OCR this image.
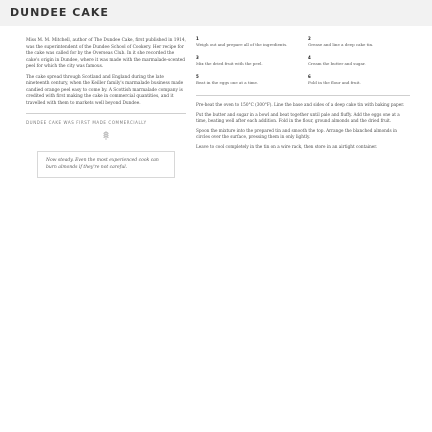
DUNDEE CAKE

Miss M. M. Mitchell, author of The Dundee Cake, first published in 1914, was the superintendent of the Dundee School of Cookery. Her recipe for the cake was called for by the Overseas Club. In it she recorded the cake's origin in Dundee, where it was made with the marmalade-scented peel for which the city was famous.

The cake spread through Scotland and England during the late nineteenth century, when the Keiller family's marmalade business made candied orange peel easy to come by. A Scottish marmalade company is credited with first making the cake in commercial quantities, and it travelled with them to markets well beyond Dundee.

DUNDEE CAKE WAS FIRST MADE COMMERCIALLY

Now steady. Even the most experienced cook can burn almonds if they're not careful.
1
Weigh out and prepare all of the ingredients.
2
Grease and line a deep cake tin.
3
Mix the dried fruit with the peel.
4
Cream the butter and sugar.
5
Beat in the eggs one at a time.
6
Fold in the flour and fruit.

Pre-heat the oven to 150°C (300°F). Line the base and sides of a deep cake tin with baking paper.

Put the butter and sugar in a bowl and beat together until pale and fluffy. Add the eggs one at a time, beating well after each addition. Fold in the flour, ground almonds and the dried fruit.

Spoon the mixture into the prepared tin and smooth the top. Arrange the blanched almonds in circles over the surface, pressing them in only lightly.

Leave to cool completely in the tin on a wire rack, then store in an airtight container.
